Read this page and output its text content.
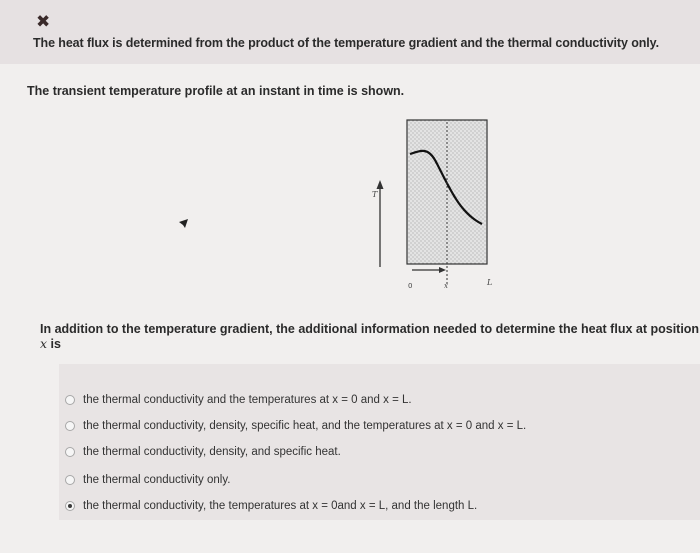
✖
The heat flux is determined from the product of the temperature gradient and the thermal conductivity only.
The transient temperature profile at an instant in time is shown.
T
0	x	L
In addition to the temperature gradient, the additional information needed to determine the heat flux at position x is
the thermal conductivity and the temperatures at x = 0 and x = L.
the thermal conductivity, density, specific heat, and the temperatures at x = 0 and x = L.
the thermal conductivity, density, and specific heat.
the thermal conductivity only.
the thermal conductivity, the temperatures at x = 0and x = L, and the length L.
